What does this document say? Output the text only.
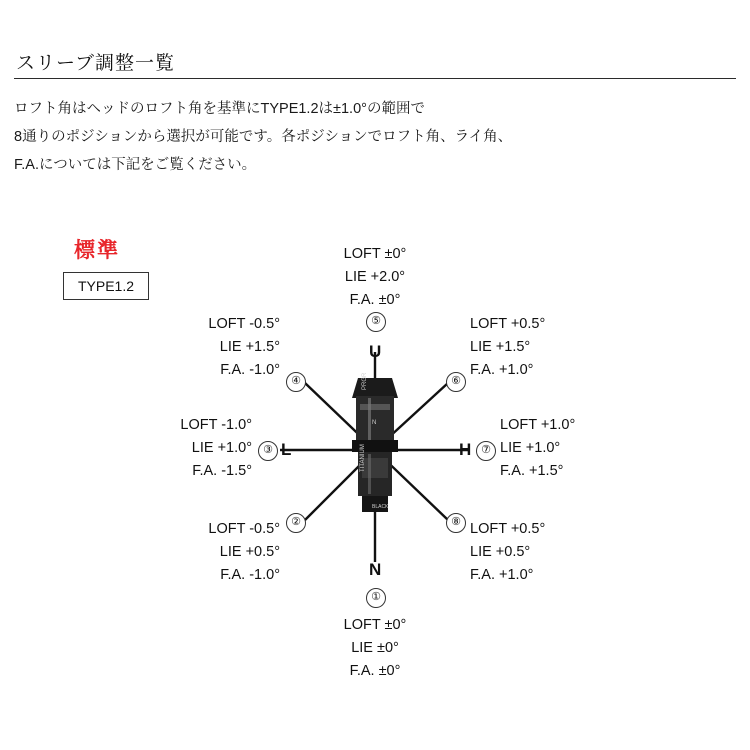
スリーブ調整一覧
ロフト角はヘッドのロフト角を基準にTYPE1.2は±1.0°の範囲で
8通りのポジションから選択が可能です。各ポジションでロフト角、ライ角、
F.A.については下記をご覧ください。
標準
TYPE1.2
PRGR
N
TITANIUM
BLACK
U
L	H
N
⑤
④	⑥
③	⑦
②	⑧
①
LOFT ±0°
LIE +2.0°
F.A. ±0°
LOFT -0.5°
LIE +1.5°
F.A. -1.0°
LOFT +0.5°
LIE +1.5°
F.A. +1.0°
LOFT -1.0°
LIE +1.0°
F.A. -1.5°
LOFT +1.0°
LIE +1.0°
F.A. +1.5°
LOFT -0.5°
LIE +0.5°
F.A. -1.0°
LOFT +0.5°
LIE +0.5°
F.A. +1.0°
LOFT ±0°
LIE ±0°
F.A. ±0°
